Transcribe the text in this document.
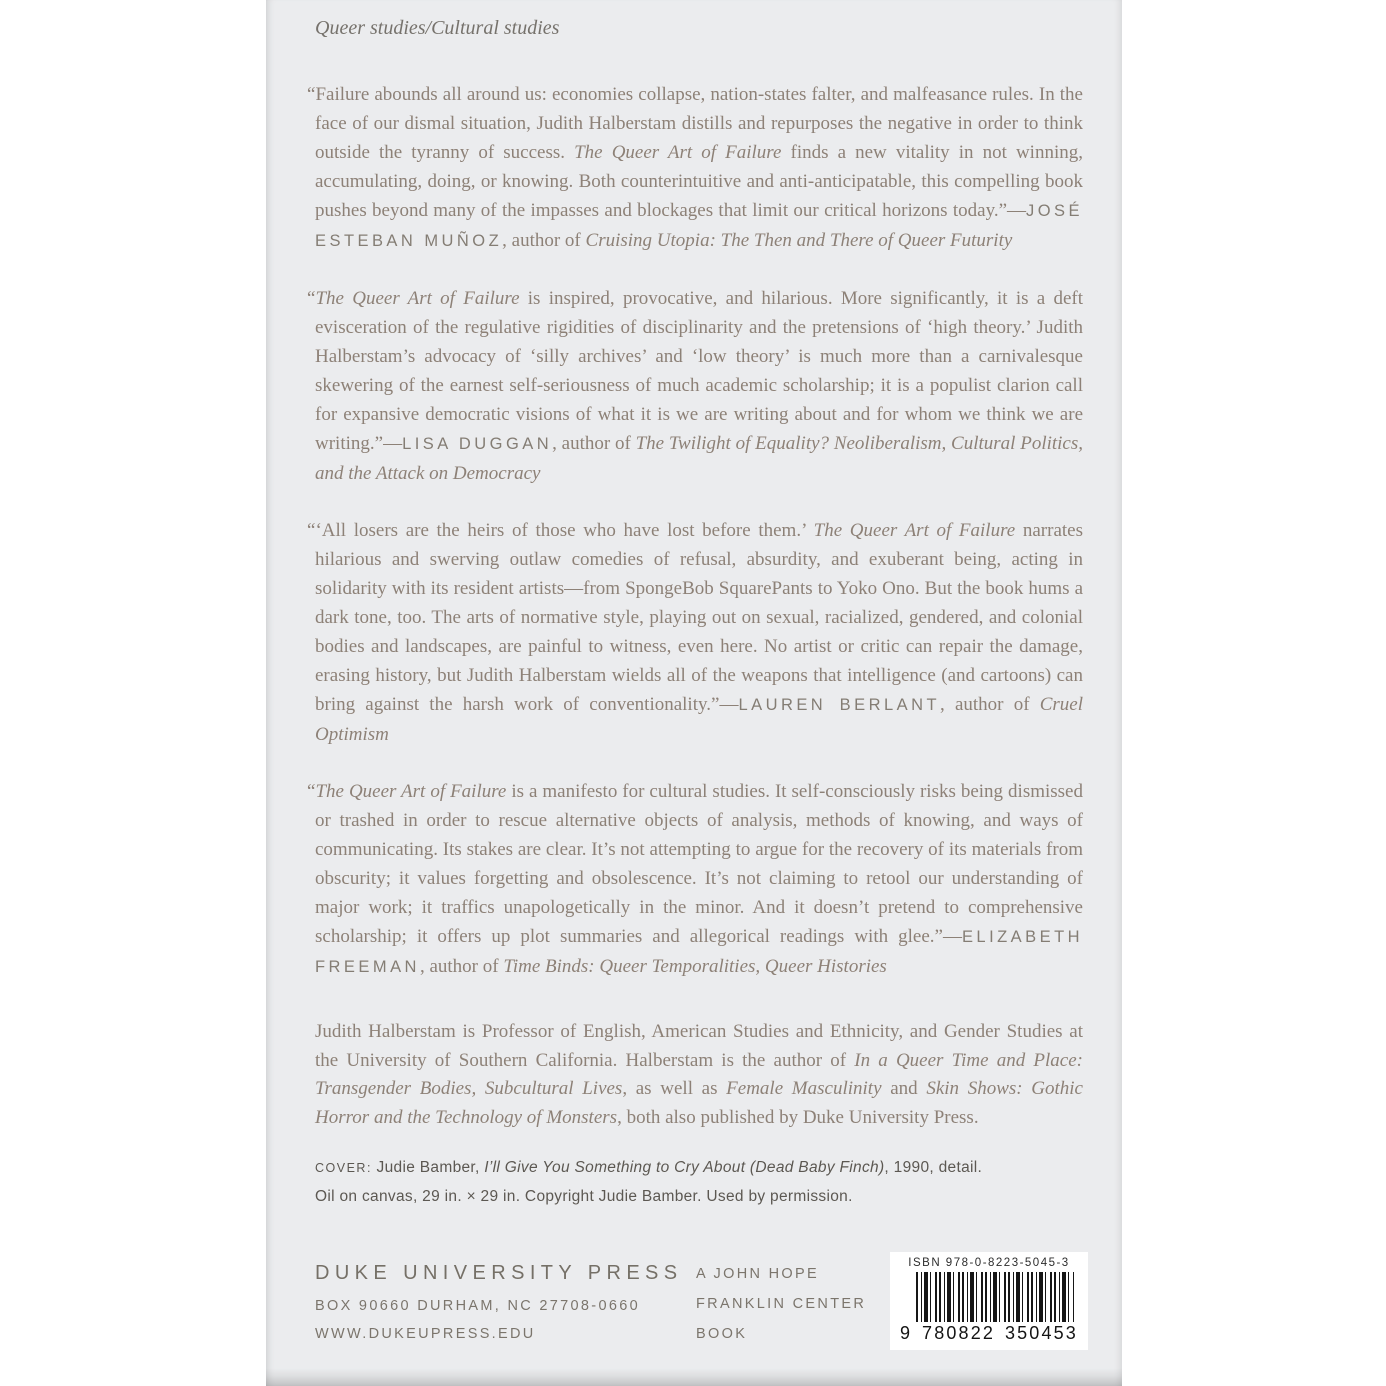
Queer studies/Cultural studies

“Failure abounds all around us: economies collapse, nation-states falter, and malfeasance rules. In the face of our dismal situation, Judith Halberstam distills and repurposes the negative in order to think outside the tyranny of success. The Queer Art of Failure finds a new vitality in not winning, accumulating, doing, or knowing. Both counterintuitive and anti-anticipatable, this compelling book pushes beyond many of the impasses and blockages that limit our critical horizons today.”—JOSÉ ESTEBAN MUÑOZ, author of Cruising Utopia: The Then and There of Queer Futurity

“The Queer Art of Failure is inspired, provocative, and hilarious. More significantly, it is a deft evisceration of the regulative rigidities of disciplinarity and the pretensions of ‘high theory.’ Judith Halberstam’s advocacy of ‘silly archives’ and ‘low theory’ is much more than a carnivalesque skewering of the earnest self-seriousness of much academic scholarship; it is a populist clarion call for expansive democratic visions of what it is we are writing about and for whom we think we are writing.”—LISA DUGGAN, author of The Twilight of Equality? Neoliberalism, Cultural Politics, and the Attack on Democracy

“‘All losers are the heirs of those who have lost before them.’ The Queer Art of Failure narrates hilarious and swerving outlaw comedies of refusal, absurdity, and exuberant being, acting in solidarity with its resident artists—from SpongeBob SquarePants to Yoko Ono. But the book hums a dark tone, too. The arts of normative style, playing out on sexual, racialized, gendered, and colonial bodies and landscapes, are painful to witness, even here. No artist or critic can repair the damage, erasing history, but Judith Halberstam wields all of the weapons that intelligence (and cartoons) can bring against the harsh work of conventionality.”—LAUREN BERLANT, author of Cruel Optimism

“The Queer Art of Failure is a manifesto for cultural studies. It self-consciously risks being dismissed or trashed in order to rescue alternative objects of analysis, methods of knowing, and ways of communicating. Its stakes are clear. It’s not attempting to argue for the recovery of its materials from obscurity; it values forgetting and obsolescence. It’s not claiming to retool our understanding of major work; it traffics unapologetically in the minor. And it doesn’t pretend to comprehensive scholarship; it offers up plot summaries and allegorical readings with glee.”—ELIZABETH FREEMAN, author of Time Binds: Queer Temporalities, Queer Histories

Judith Halberstam is Professor of English, American Studies and Ethnicity, and Gender Studies at the University of Southern California. Halberstam is the author of In a Queer Time and Place: Transgender Bodies, Subcultural Lives, as well as Female Masculinity and Skin Shows: Gothic Horror and the Technology of Monsters, both also published by Duke University Press.

COVER: Judie Bamber, I’ll Give You Something to Cry About (Dead Baby Finch), 1990, detail.
Oil on canvas, 29 in. × 29 in. Copyright Judie Bamber. Used by permission.
DUKE UNIVERSITY PRESS
BOX 90660 DURHAM, NC 27708-0660
WWW.DUKEUPRESS.EDU
A JOHN HOPE
FRANKLIN CENTER
BOOK
ISBN 978-0-8223-5045-3
9 780822 350453
